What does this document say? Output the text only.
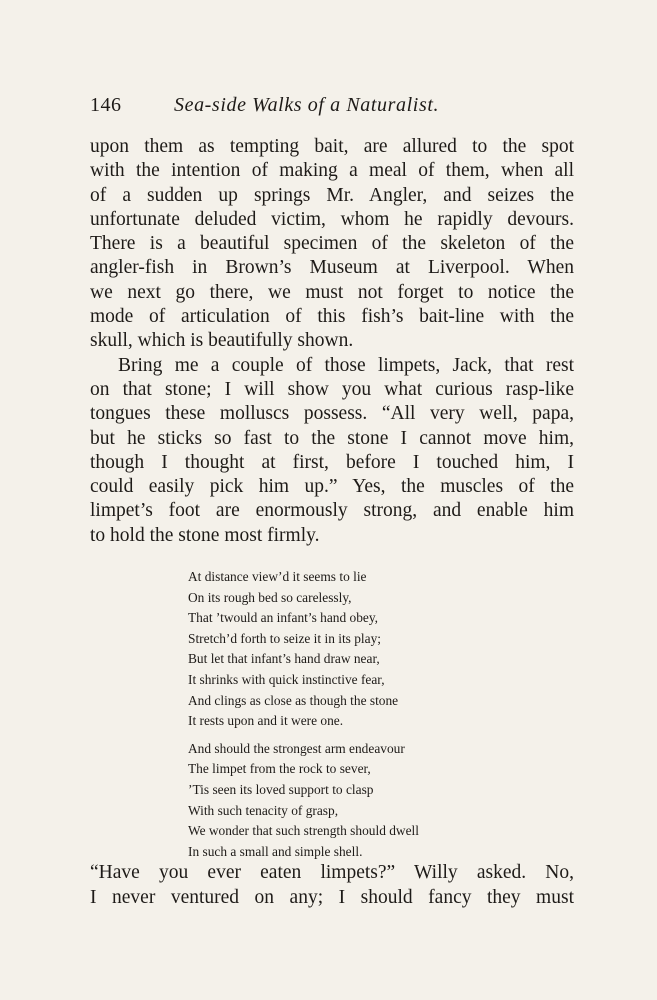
146	Sea-side Walks of a Naturalist.
upon them as tempting bait, are allured to the spot
with the intention of making a meal of them, when all
of a sudden up springs Mr. Angler, and seizes the
unfortunate deluded victim, whom he rapidly devours.
There is a beautiful specimen of the skeleton of the
angler-fish in Brown’s Museum at Liverpool. When
we next go there, we must not forget to notice the
mode of articulation of this fish’s bait-line with the
skull, which is beautifully shown.
Bring me a couple of those limpets, Jack, that rest
on that stone; I will show you what curious rasp-like
tongues these molluscs possess. “All very well, papa,
but he sticks so fast to the stone I cannot move him,
though I thought at first, before I touched him, I
could easily pick him up.” Yes, the muscles of the
limpet’s foot are enormously strong, and enable him
to hold the stone most firmly.
At distance view’d it seems to lie
On its rough bed so carelessly,
That ’twould an infant’s hand obey,
Stretch’d forth to seize it in its play;
But let that infant’s hand draw near,
It shrinks with quick instinctive fear,
And clings as close as though the stone
It rests upon and it were one.
And should the strongest arm endeavour
The limpet from the rock to sever,
’Tis seen its loved support to clasp
With such tenacity of grasp,
We wonder that such strength should dwell
In such a small and simple shell.
“Have you ever eaten limpets?” Willy asked. No,
I never ventured on any; I should fancy they must
